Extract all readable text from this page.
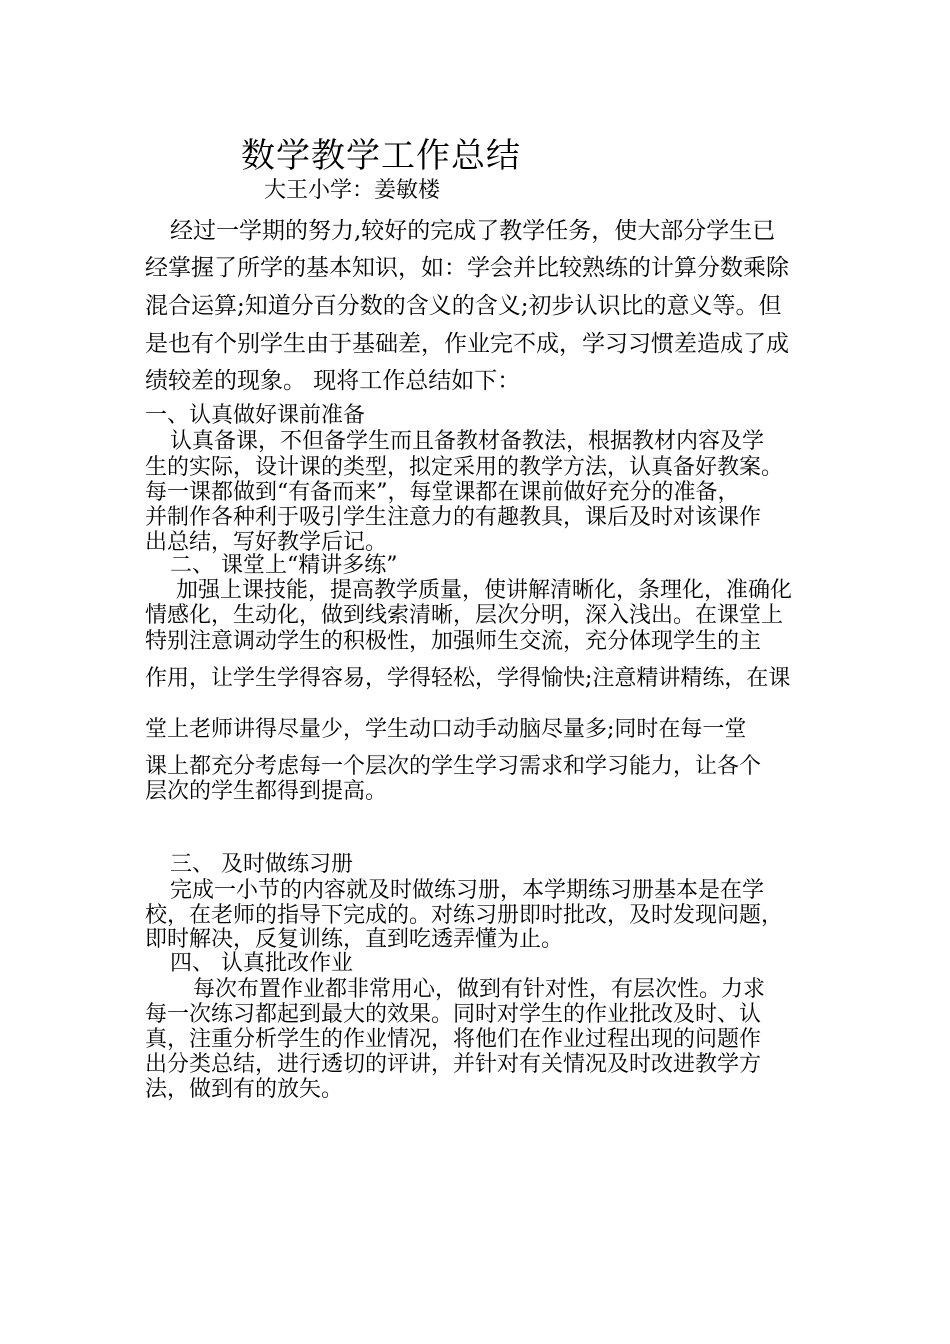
数学教学工作总结
大王小学：姜敏楼
经过一学期的努力,较好的完成了教学任务，使大部分学生已
经掌握了所学的基本知识，如：学会并比较熟练的计算分数乘除
混合运算;知道分百分数的含义的含义;初步认识比的意义等。但
是也有个别学生由于基础差，作业完不成，学习习惯差造成了成
绩较差的现象。 现将工作总结如下：
一、认真做好课前准备
认真备课，不但备学生而且备教材备教法，根据教材内容及学
生的实际，设计课的类型，拟定采用的教学方法，认真备好教案。
每一课都做到“有备而来”，每堂课都在课前做好充分的准备，
并制作各种利于吸引学生注意力的有趣教具，课后及时对该课作
出总结，写好教学后记。
二、 课堂上“精讲多练”
加强上课技能，提高教学质量，使讲解清晰化，条理化，准确化
情感化，生动化，做到线索清晰，层次分明，深入浅出。在课堂上
特别注意调动学生的积极性，加强师生交流，充分体现学生的主
作用，让学生学得容易，学得轻松，学得愉快;注意精讲精练，在课
堂上老师讲得尽量少，学生动口动手动脑尽量多;同时在每一堂
课上都充分考虑每一个层次的学生学习需求和学习能力，让各个
层次的学生都得到提高。
三、 及时做练习册
完成一小节的内容就及时做练习册，本学期练习册基本是在学
校，在老师的指导下完成的。对练习册即时批改，及时发现问题，
即时解决，反复训练，直到吃透弄懂为止。
四、 认真批改作业
每次布置作业都非常用心，做到有针对性，有层次性。力求
每一次练习都起到最大的效果。同时对学生的作业批改及时、认
真，注重分析学生的作业情况，将他们在作业过程出现的问题作
出分类总结，进行透切的评讲，并针对有关情况及时改进教学方
法，做到有的放矢。
